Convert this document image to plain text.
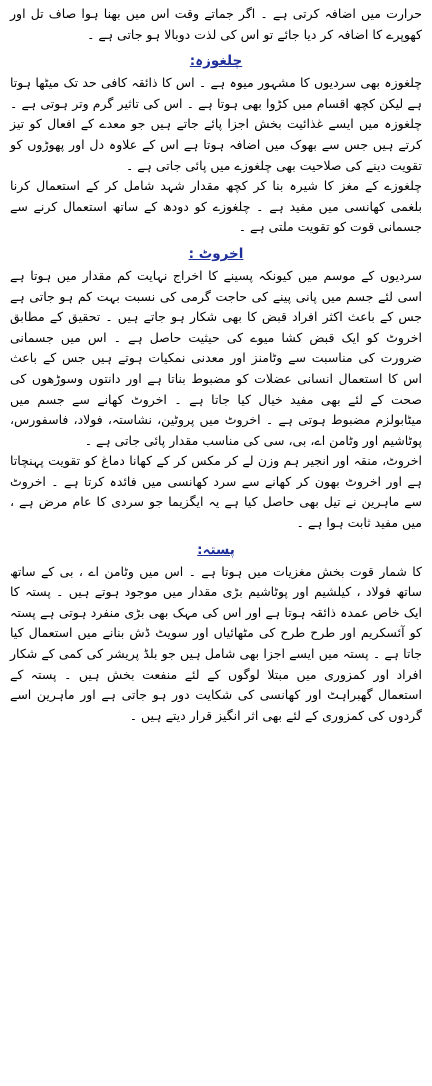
حرارت میں اضافہ کرتی ہے ۔ اگر جماتے وقت اس میں بھنا ہوا صاف تل اور کھوپرے کا اضافہ کر دیا جائے تو اس کی لذت دوبالا ہو جاتی ہے ۔

چلغوزہ:

چلغوزہ بھی سردیوں کا مشہور میوہ ہے ۔ اس کا ذائقہ کافی حد تک میٹھا ہوتا ہے لیکن کچھ اقسام میں کڑوا بھی ہوتا ہے ۔ اس کی تاثیر گرم وتر ہوتی ہے ۔ چلغوزہ میں ایسے غذائیت بخش اجزا پائے جاتے ہیں جو معدے کے افعال کو تیز کرتے ہیں جس سے بھوک میں اضافہ ہوتا ہے اس کے علاوہ دل اور پھوڑوں کو تقویت دینے کی صلاحیت بھی چلغوزے میں پائی جاتی ہے ۔

چلغوزے کے مغز کا شیرہ بنا کر کچھ مقدار شہد شامل کر کے استعمال کرنا بلغمی کھانسی میں مفید ہے ۔ چلغوزے کو دودھ کے ساتھ استعمال کرنے سے جسمانی قوت کو تقویت ملتی ہے ۔

اخروٹ :

سردیوں کے موسم میں کیونکہ پسینے کا اخراج نہایت کم مقدار میں ہوتا ہے اسی لئے جسم میں پانی پینے کی حاجت گرمی کی نسبت بہت کم ہو جاتی ہے جس کے باعث اکثر افراد قبض کا بھی شکار ہو جاتے ہیں ۔ تحقیق کے مطابق اخروٹ کو ایک قبض کشا میوے کی حیثیت حاصل ہے ۔ اس میں جسمانی ضرورت کی مناسبت سے وٹامنز اور معدنی نمکیات ہوتے ہیں جس کے باعث اس کا استعمال انسانی عضلات کو مضبوط بناتا ہے اور دانتوں وسوڑھوں کی صحت کے لئے بھی مفید خیال کیا جاتا ہے ۔ اخروٹ کھانے سے جسم میں میٹابولزم مضبوط ہوتی ہے ۔ اخروٹ میں پروٹین، نشاستہ، فولاد، فاسفورس، پوٹاشیم اور وٹامن اے، بی، سی کی مناسب مقدار پائی جاتی ہے ۔

اخروٹ، منقہ اور انجیر ہم وزن لے کر مکس کر کے کھانا دماغ کو تقویت پہنچاتا ہے اور اخروٹ بھون کر کھانے سے سرد کھانسی میں فائدہ کرتا ہے ۔ اخروٹ سے ماہرین نے تیل بھی حاصل کیا ہے یہ ایگزیما جو سردی کا عام مرض ہے ، میں مفید ثابت ہوا ہے ۔

پستہ:

کا شمار قوت بخش مغزیات میں ہوتا ہے ۔ اس میں وٹامن اے ، بی کے ساتھ ساتھ فولاد ، کیلشیم اور پوٹاشیم بڑی مقدار میں موجود ہوتے ہیں ۔ پستہ کا ایک خاص عمدہ ذائقہ ہوتا ہے اور اس کی مہک بھی بڑی منفرد ہوتی ہے پستہ کو آئسکریم اور طرح طرح کی مٹھائیاں اور سویٹ ڈش بنانے میں استعمال کیا جاتا ہے ۔ پستہ میں ایسے اجزا بھی شامل ہیں جو بلڈ پریشر کی کمی کے شکار افراد اور کمزوری میں مبتلا لوگوں کے لئے منفعت بخش ہیں ۔ پستہ کے استعمال گھبراہٹ اور کھانسی کی شکایت دور ہو جاتی ہے اور ماہرین اسے گردوں کی کمزوری کے لئے بھی اثر انگیز قرار دیتے ہیں ۔
